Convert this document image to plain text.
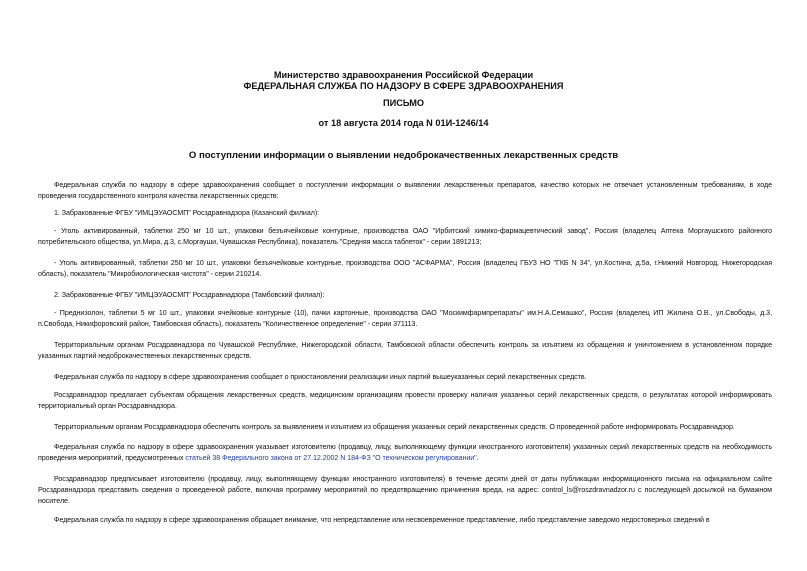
Министерство здравоохранения Российской Федерации
ФЕДЕРАЛЬНАЯ СЛУЖБА ПО НАДЗОРУ В СФЕРЕ ЗДРАВООХРАНЕНИЯ
ПИСЬМО
от 18 августа 2014 года N 01И-1246/14
О поступлении информации о выявлении недоброкачественных лекарственных средств
Федеральная служба по надзору в сфере здравоохранения сообщает о поступлении информации о выявлении лекарственных препаратов, качество которых не отвечает установленным требованиям, в ходе проведения государственного контроля качества лекарственных средств:
1. Забракованные ФГБУ "ИМЦЭУАОСМП" Росздравнадзора (Казанский филиал):
- Уголь активированный, таблетки 250 мг 10 шт., упаковки безъячейковые контурные, производства ОАО "Ирбитский химико-фармацевтический завод", Россия (владелец Аптека Моргаушского районного потребительского общества, ул.Мира, д.3, с.Моргауши, Чувашская Республика), показатель "Средняя масса таблеток" - серии 1891213;
- Уголь активированный, таблетки 250 мг 10 шт., упаковки безъячейковые контурные, производства ООО "АСФАРМА", Россия (владелец ГБУЗ НО "ГКБ N 34", ул.Костина, д.5а, г.Нижний Новгород, Нижегородская область), показатель "Микробиологическая чистота" - серии 210214.
2. Забракованные ФГБУ "ИМЦЭУАОСМП" Росздравнадзора (Тамбовский филиал):
- Преднизолон, таблетки 5 мг 10 шт., упаковки ячейковые контурные (10), пачки картонные, производства ОАО "Москимфармпрепараты" им.Н.А.Семашко", Россия (владелец ИП Жилина О.В., ул.Свободы, д.3, п.Свобода, Никифоровский район, Тамбовская область), показатель "Количественное определение" - серии 371113.
Территориальным органам Росздравнадзора по Чувашской Республике, Нижегородской области, Тамбовской области обеспечить контроль за изъятием из обращения и уничтожением в установленном порядке указанных партий недоброкачественных лекарственных средств.
Федеральная служба по надзору в сфере здравоохранения сообщает о приостановлении реализации иных партий вышеуказанных серий лекарственных средств.
Росздравнадзор предлагает субъектам обращения лекарственных средств, медицинским организациям провести проверку наличия указанных серий лекарственных средств, о результатах которой информировать территориальный орган Росздравнадзора.
Территориальным органам Росздравнадзора обеспечить контроль за выявлением и изъятием из обращения указанных серий лекарственных средств. О проведенной работе информировать Росздравнадзор.
Федеральная служба по надзору в сфере здравоохранения указывает изготовителю (продавцу, лицу, выполняющему функции иностранного изготовителя) указанных серий лекарственных средств на необходимость проведения мероприятий, предусмотренных статьей 38 Федерального закона от 27.12.2002 N 184-ФЗ "О техническом регулировании".
Росздравнадзор предписывает изготовителю (продавцу, лицу, выполняющему функции иностранного изготовителя) в течение десяти дней от даты публикации информационного письма на официальном сайте Росздравнадзора представить сведения о проведенной работе, включая программу мероприятий по предотвращению причинения вреда, на адрес: control_ls@roszdravnadzor.ru с последующей досылкой на бумажном носителе.
Федеральная служба по надзору в сфере здравоохранения обращает внимание, что непредставление или несвоевременное представление, либо представление заведомо недостоверных сведений в
